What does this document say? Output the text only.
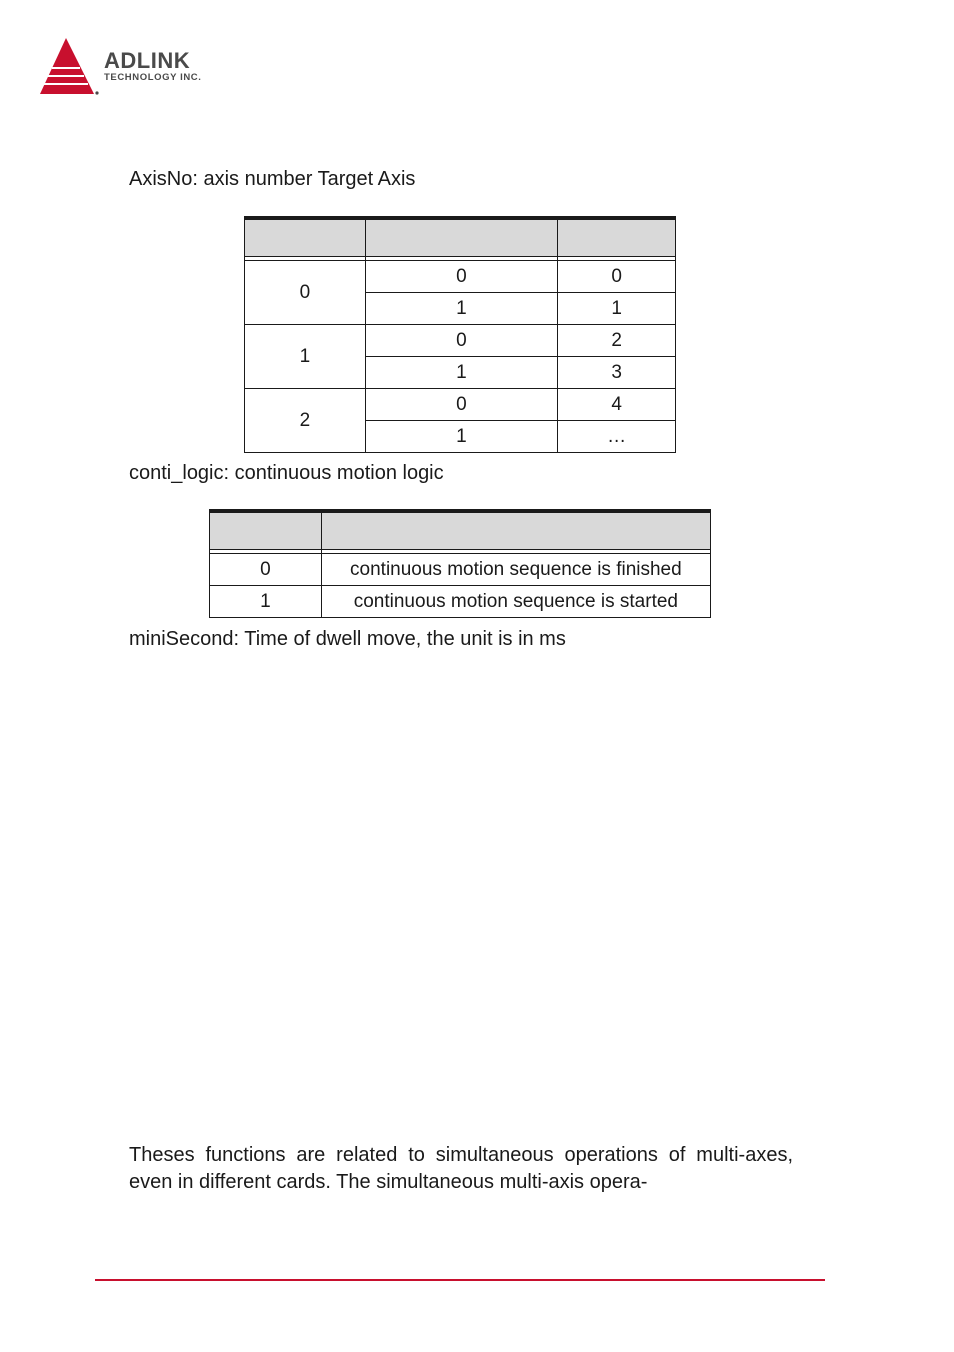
ADLINK
TECHNOLOGY INC.

AxisNo: axis number Target Axis

0	0	0
	1	1
1	0	2
	1	3
2	0	4
	1	…

conti_logic: continuous motion logic

0	continuous motion sequence is finished
1	continuous motion sequence is started

miniSecond: Time of dwell move, the unit is in ms

Theses functions are related to simultaneous operations of multi-axes, even in different cards. The simultaneous multi-axis opera-
